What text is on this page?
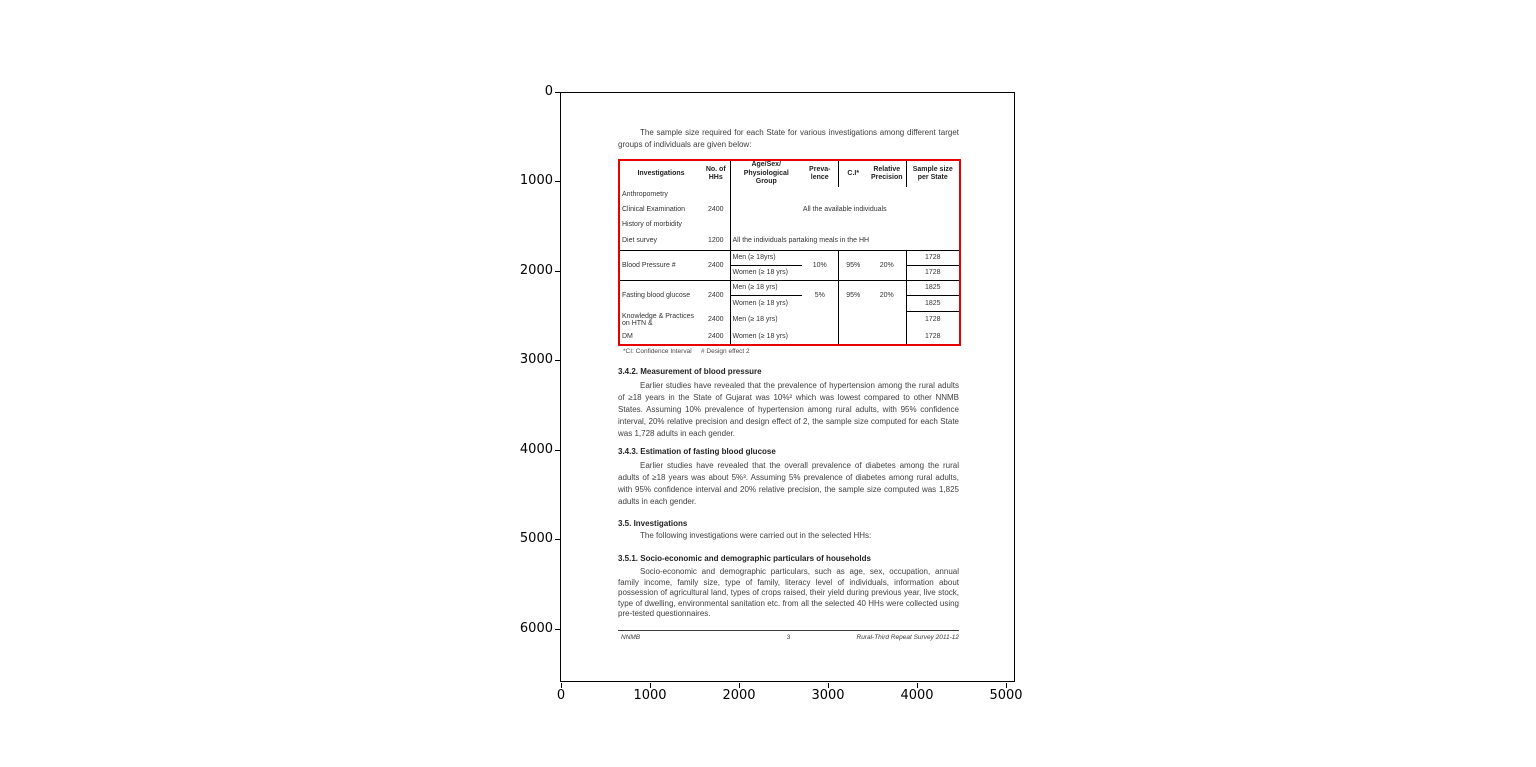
0
1000
2000
3000
4000
5000
6000
0	1000	2000	3000	4000	5000
The sample size required for each State for various investigations among different target groups of individuals are given below:
Investigations	No. of HHs	Age/Sex/ Physiological Group	Preva- lence	C.I*	Relative Precision	Sample size per State
Anthropometry		All the available individuals				
Clinical Examination	2400					
History of morbidity						
Diet survey	1200	All the individuals partaking meals in the HH				
Blood Pressure #	2400	Men (≥ 18yrs)	10%	95%	20%	1728
		Women (≥ 18 yrs)				1728
Fasting blood glucose	2400	Men (≥ 18 yrs)	5%	95%	20%	1825
		Women (≥ 18 yrs)				1825
Knowledge & Practices on HTN &	2400	Men (≥ 18 yrs)				1728
DM	2400	Women (≥ 18 yrs)				1728
*CI: Confidence Interval # Design effect 2
3.4.2. Measurement of blood pressure
Earlier studies have revealed that the prevalence of hypertension among the rural adults of ≥18 years in the State of Gujarat was 10%² which was lowest compared to other NNMB States. Assuming 10% prevalence of hypertension among rural adults, with 95% confidence interval, 20% relative precision and design effect of 2, the sample size computed for each State was 1,728 adults in each gender.
3.4.3. Estimation of fasting blood glucose
Earlier studies have revealed that the overall prevalence of diabetes among the rural adults of ≥18 years was about 5%³. Assuming 5% prevalence of diabetes among rural adults, with 95% confidence interval and 20% relative precision, the sample size computed was 1,825 adults in each gender.
3.5. Investigations
The following investigations were carried out in the selected HHs:
3.5.1. Socio-economic and demographic particulars of households
Socio-economic and demographic particulars, such as age, sex, occupation, annual family income, family size, type of family, literacy level of individuals, information about possession of agricultural land, types of crops raised, their yield during previous year, live stock, type of dwelling, environmental sanitation etc. from all the selected 40 HHs were collected using pre-tested questionnaires.
NNMB	3	Rural-Third Repeat Survey 2011-12
